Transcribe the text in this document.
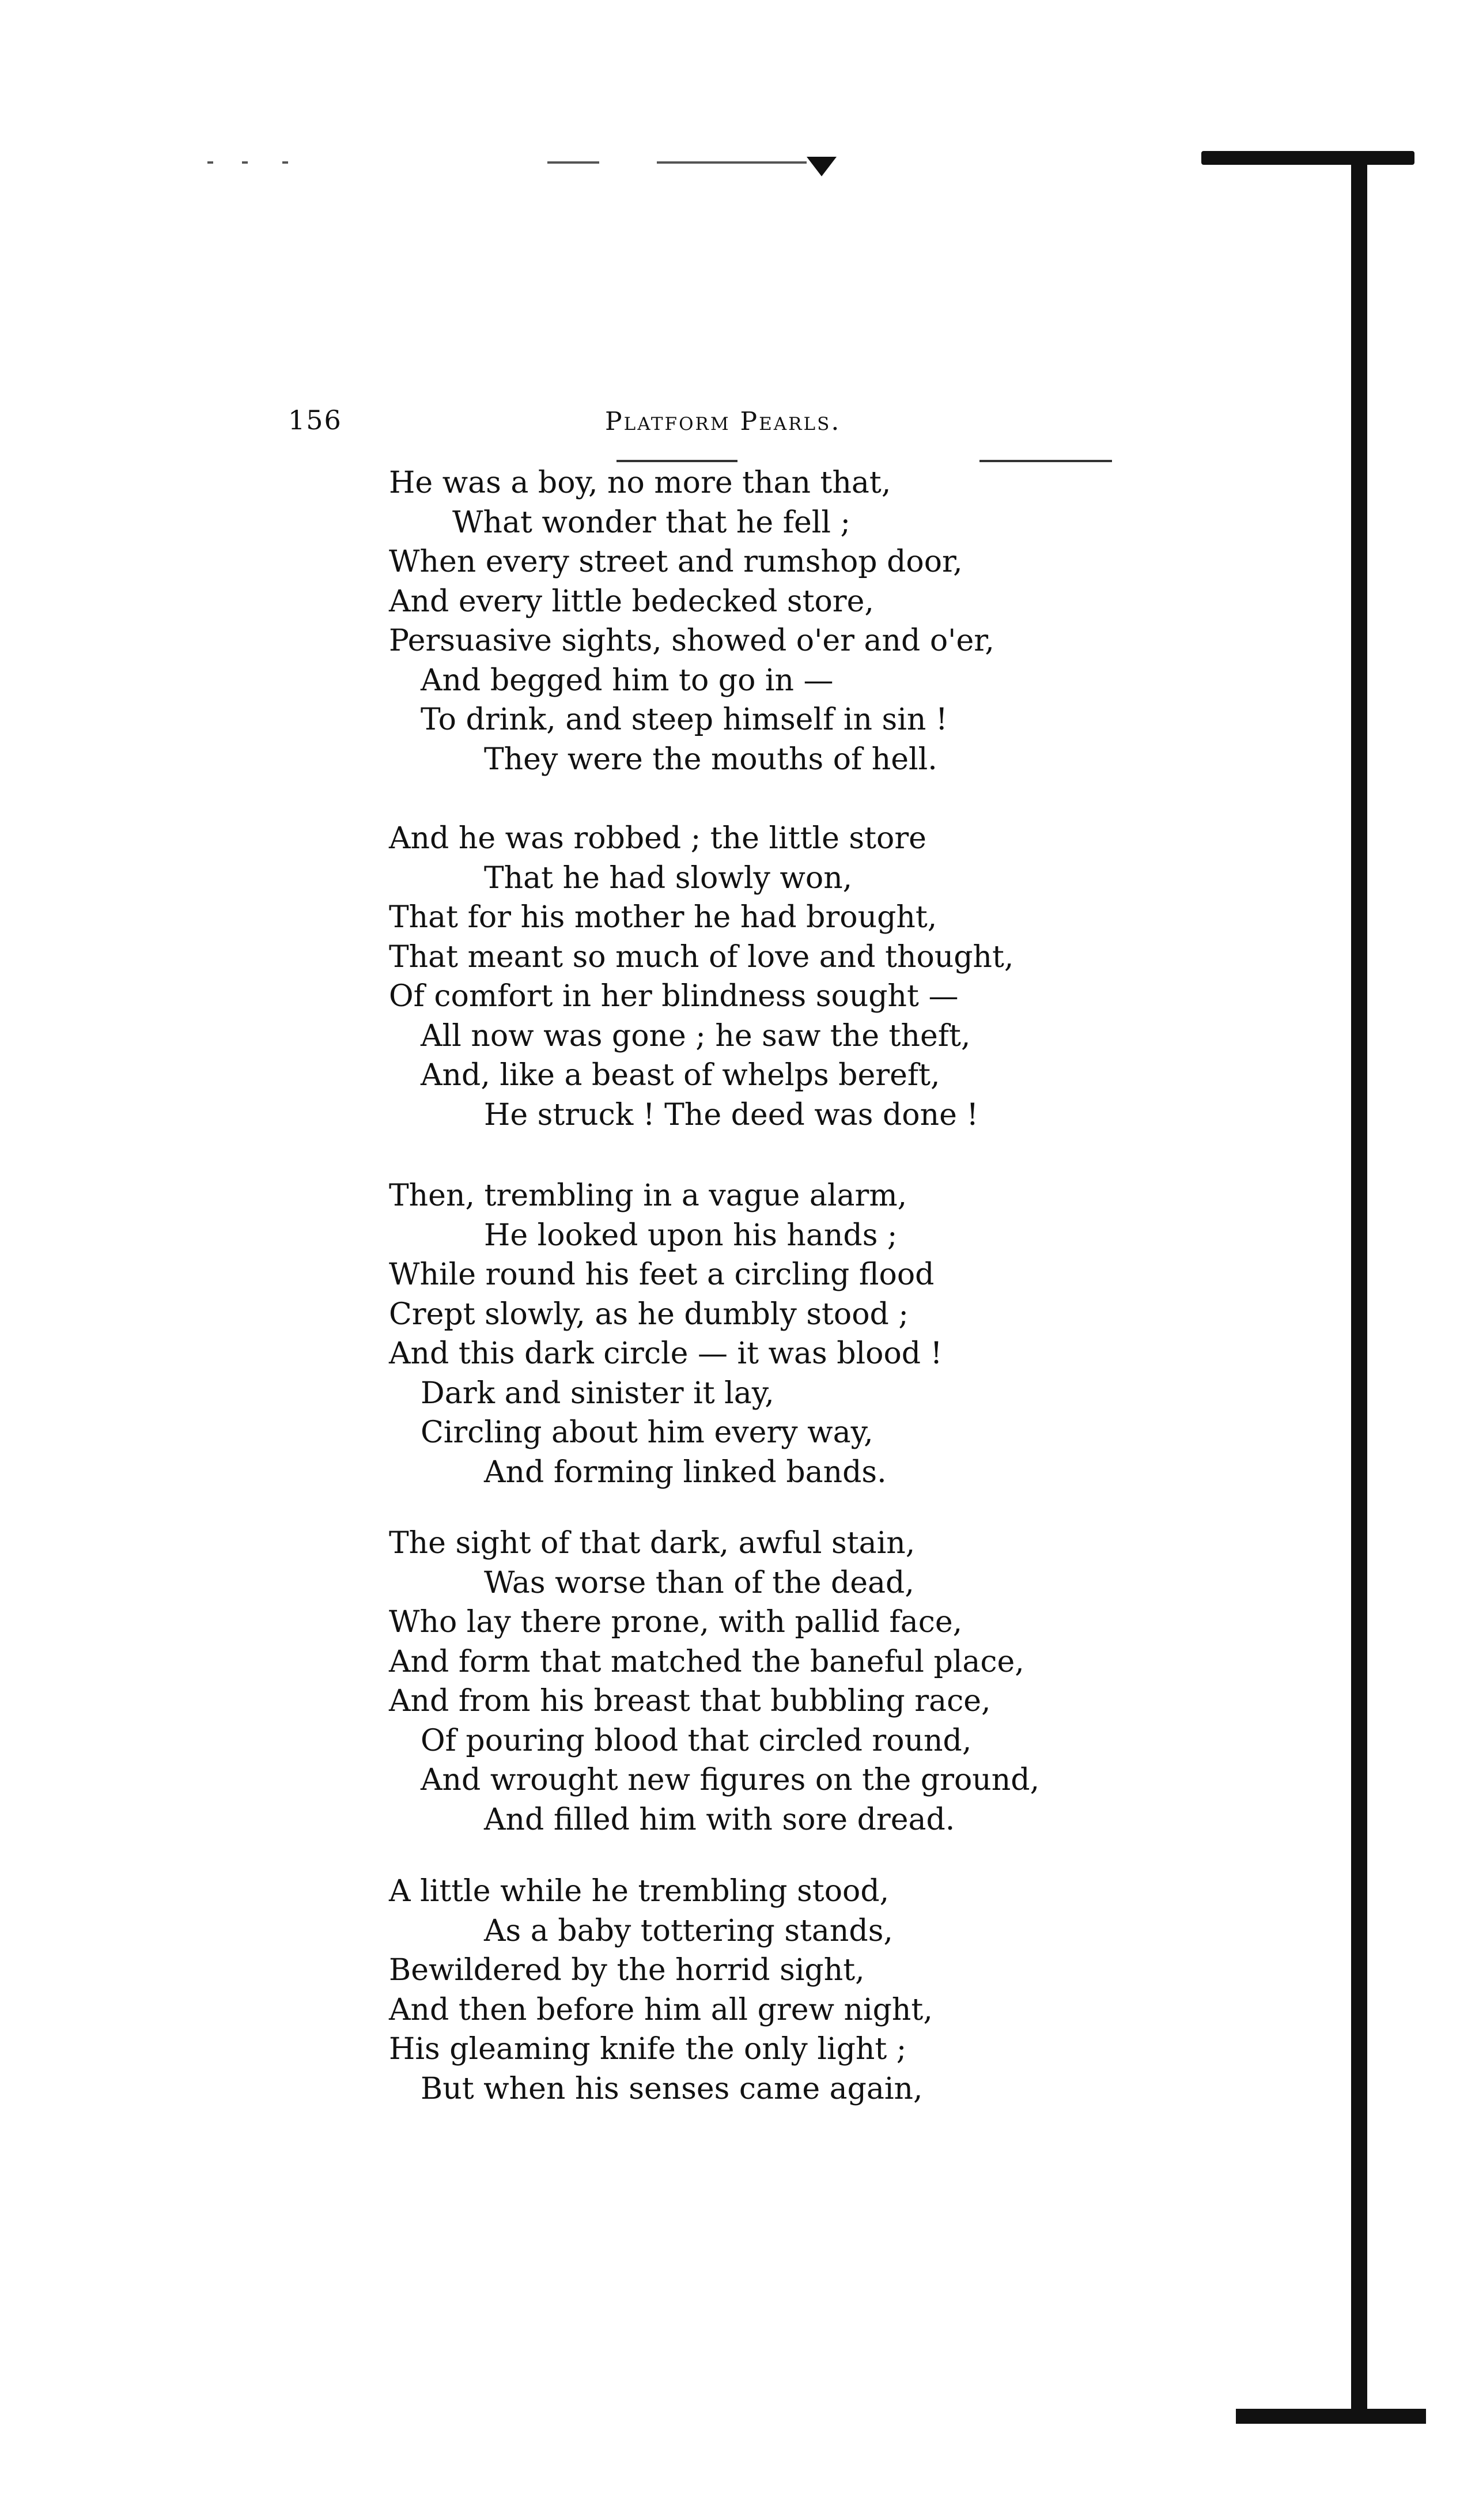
156	Platform Pearls.
He was a boy, no more than that,
What wonder that he fell ;
When every street and rumshop door,
And every little bedecked store,
Persuasive sights, showed o'er and o'er,
And begged him to go in —
To drink, and steep himself in sin !
They were the mouths of hell.
And he was robbed ; the little store
That he had slowly won,
That for his mother he had brought,
That meant so much of love and thought,
Of comfort in her blindness sought —
All now was gone ; he saw the theft,
And, like a beast of whelps bereft,
He struck ! The deed was done !
Then, trembling in a vague alarm,
He looked upon his hands ;
While round his feet a circling flood
Crept slowly, as he dumbly stood ;
And this dark circle — it was blood !
Dark and sinister it lay,
Circling about him every way,
And forming linked bands.
The sight of that dark, awful stain,
Was worse than of the dead,
Who lay there prone, with pallid face,
And form that matched the baneful place,
And from his breast that bubbling race,
Of pouring blood that circled round,
And wrought new figures on the ground,
And filled him with sore dread.
A little while he trembling stood,
As a baby tottering stands,
Bewildered by the horrid sight,
And then before him all grew night,
His gleaming knife the only light ;
But when his senses came again,
